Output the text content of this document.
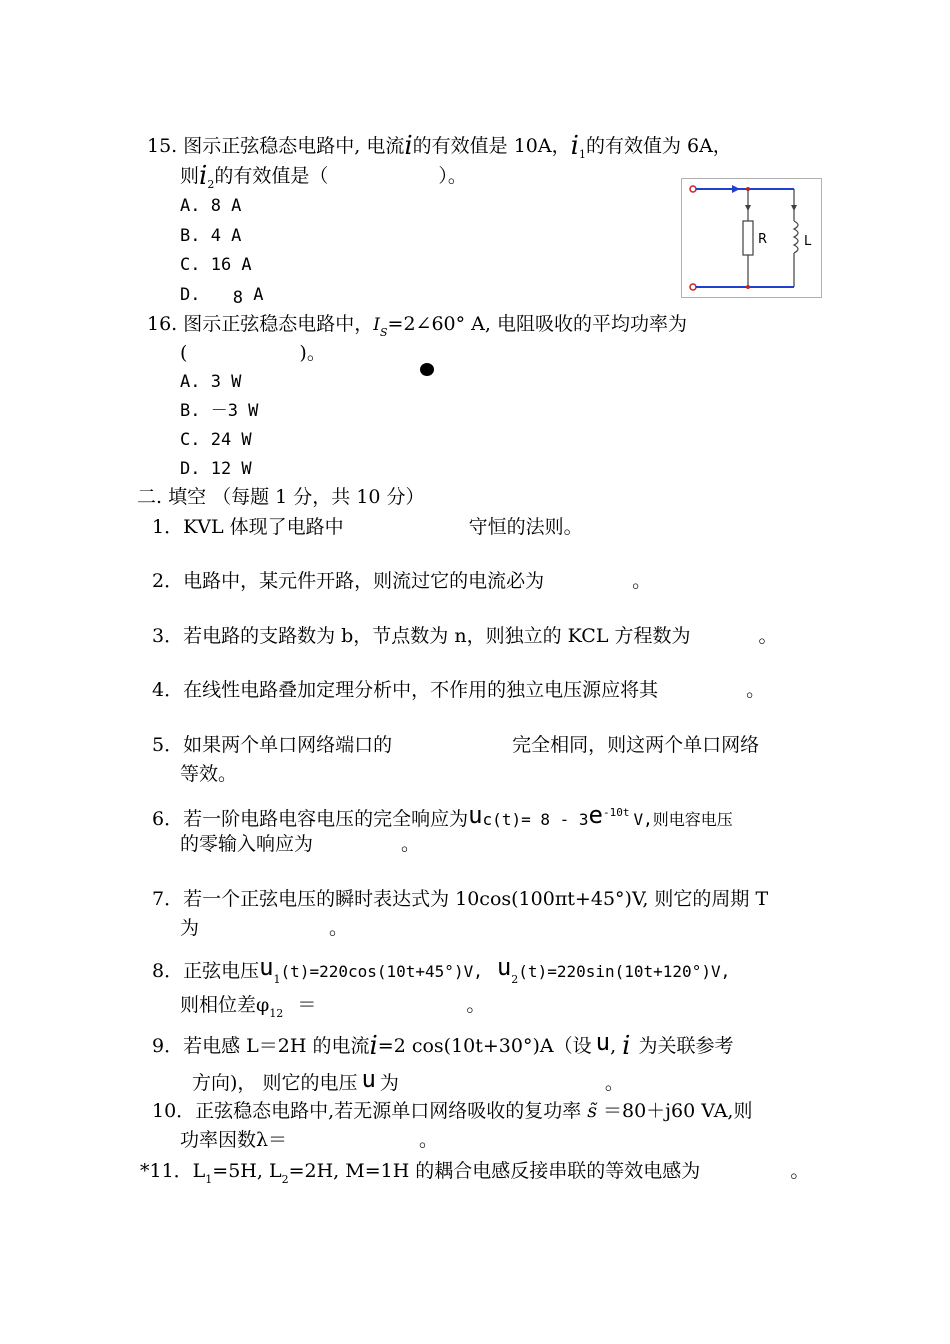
15. 图示正弦稳态电路中, 电流i的有效值是 10A，$i_1$的有效值为 6A，
则$i_2$的有效值是（	）。
A. 8 A
B. 4 A
C. 16 A
D. 8 A
R	L
16. 图示正弦稳态电路中，$I_S=2\angle 60^\circ$ A, 电阻吸收的平均功率为
(	)。
A. 3 W
B. －3 W
C. 24 W
D. 12 W
二. 填空 （每题 1 分，共 10 分）
1．KVL 体现了电路中	守恒的法则。
2．电路中，某元件开路，则流过它的电流必为	。
3．若电路的支路数为 b，节点数为 n，则独立的 KCL 方程数为	。
4．在线性电路叠加定理分析中，不作用的独立电压源应将其	。
5．如果两个单口网络端口的	完全相同，则这两个单口网络
等效。
6．若一阶电路电容电压的完全响应为$uc(t)= 8 - 3e^{-10t}$ V,则电容电压
的零输入响应为	。
7．若一个正弦电压的瞬时表达式为 10cos(100πt+45°)V, 则它的周期 T
为	。
8．正弦电压$u_1(t)=220\cos(10t+45^\circ)V$, $u_2(t)=220\sin(10t+120^\circ)V$,
则相位差$\varphi_{12}$ ＝	。
9．若电感 L＝2H 的电流i=2 cos(10t+30°)A（设 u, i 为关联参考
方向)， 则它的电压 u 为	。
10．正弦稳态电路中,若无源单口网络吸收的复功率 s̃ ＝80＋j60 VA,则
功率因数λ＝	。
*11．$L_1=5H$, $L_2=2H$, M=1H 的耦合电感反接串联的等效电感为	。
